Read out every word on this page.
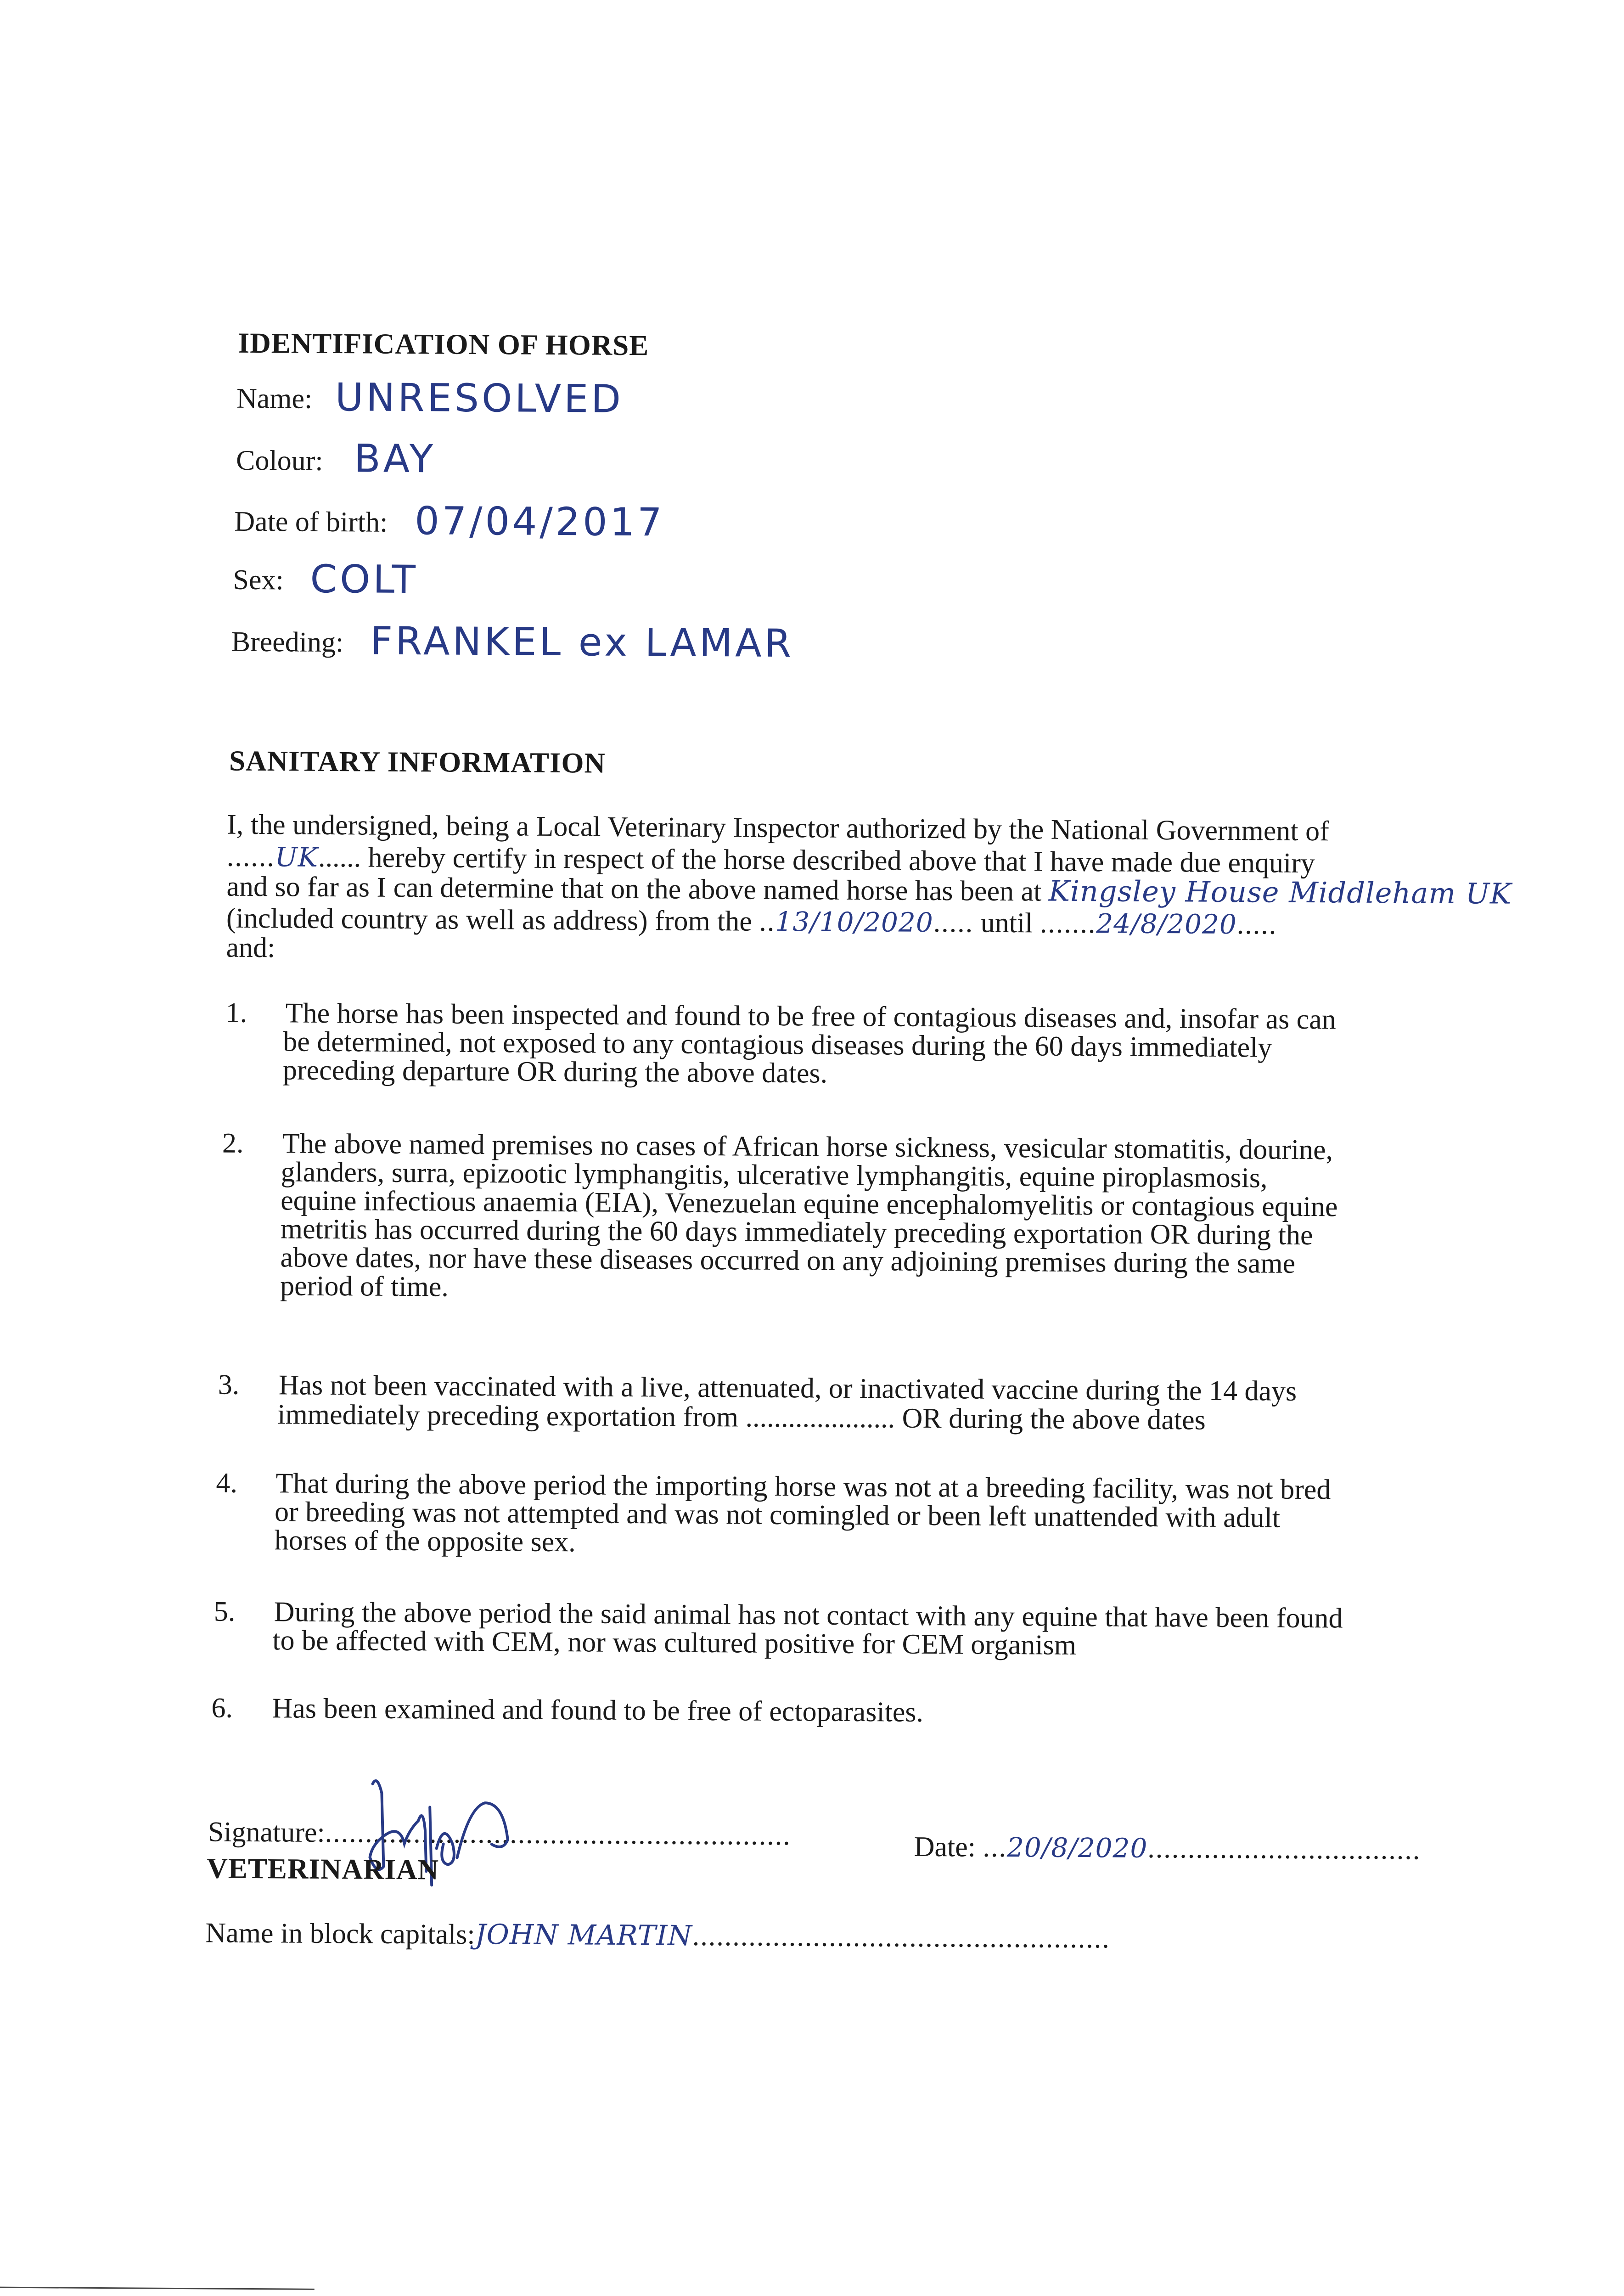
IDENTIFICATION OF HORSE
Name: UNRESOLVED
Colour: BAY
Date of birth: 07/04/2017
Sex: COLT
Breeding: FRANKEL ex LAMAR
SANITARY INFORMATION
I, the undersigned, being a Local Veterinary Inspector authorized by the National Government of
......UK...... hereby certify in respect of the horse described above that I have made due enquiry
and so far as I can determine that on the above named horse has been at Kingsley House Middleham UK
(included country as well as address) from the ..13/10/2020..... until .......24/8/2020.....
and:
1. The horse has been inspected and found to be free of contagious diseases and, insofar as can
be determined, not exposed to any contagious diseases during the 60 days immediately
preceding departure OR during the above dates.
2. The above named premises no cases of African horse sickness, vesicular stomatitis, dourine,
glanders, surra, epizootic lymphangitis, ulcerative lymphangitis, equine piroplasmosis,
equine infectious anaemia (EIA), Venezuelan equine encephalomyelitis or contagious equine
metritis has occurred during the 60 days immediately preceding exportation OR during the
above dates, nor have these diseases occurred on any adjoining premises during the same
period of time.
3. Has not been vaccinated with a live, attenuated, or inactivated vaccine during the 14 days
immediately preceding exportation from ..................... OR during the above dates
4. That during the above period the importing horse was not at a breeding facility, was not bred
or breeding was not attempted and was not comingled or been left unattended with adult
horses of the opposite sex.
5. During the above period the said animal has not contact with any equine that have been found
to be affected with CEM, nor was cultured positive for CEM organism
6. Has been examined and found to be free of ectoparasites.
Signature:..........................................................
VETERINARIAN
Date: ...20/8/2020..................................
Name in block capitals:JOHN MARTIN....................................................
